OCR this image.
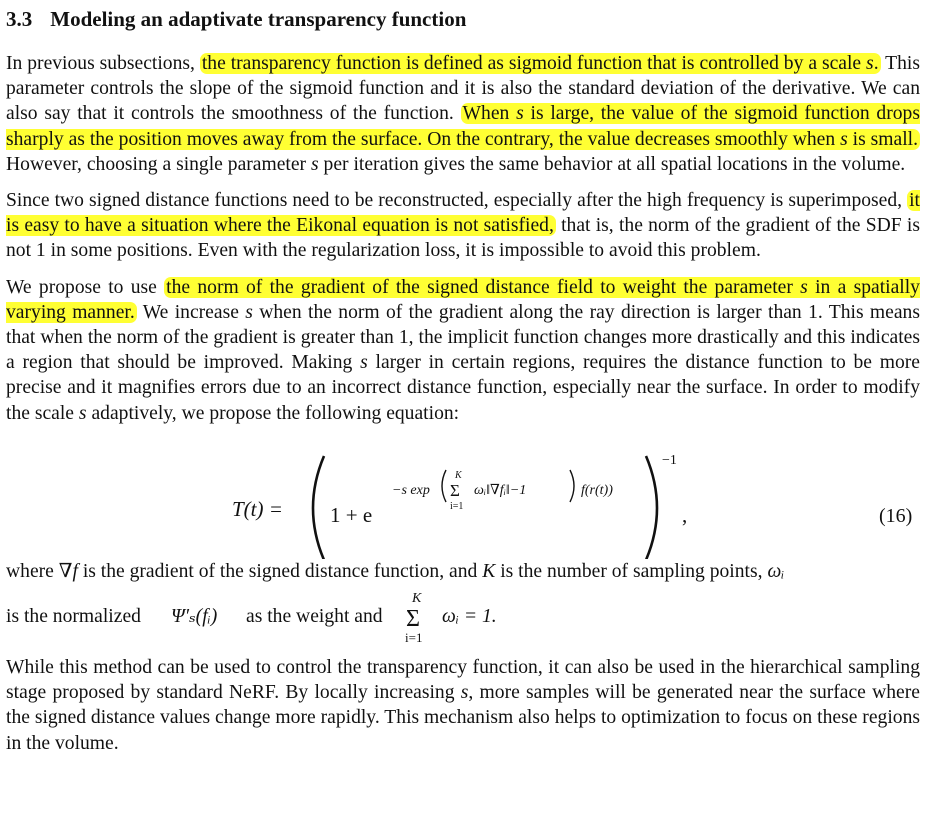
3.3 Modeling an adaptivate transparency function

In previous subsections, the transparency function is defined as sigmoid function that is controlled by a scale s. This parameter controls the slope of the sigmoid function and it is also the standard deviation of the derivative. We can also say that it controls the smoothness of the function. When s is large, the value of the sigmoid function drops sharply as the position moves away from the surface. On the contrary, the value decreases smoothly when s is small. However, choosing a single parameter s per iteration gives the same behavior at all spatial locations in the volume.

Since two signed distance functions need to be reconstructed, especially after the high frequency is superimposed, it is easy to have a situation where the Eikonal equation is not satisfied, that is, the norm of the gradient of the SDF is not 1 in some positions. Even with the regularization loss, it is impossible to avoid this problem.

We propose to use the norm of the gradient of the signed distance field to weight the parameter s in a spatially varying manner. We increase s when the norm of the gradient along the ray direction is larger than 1. This means that when the norm of the gradient is greater than 1, the implicit function changes more drastically and this indicates a region that should be improved. Making s larger in certain regions, requires the distance function to be more precise and it magnifies errors due to an incorrect distance function, especially near the surface. In order to modify the scale s adaptively, we propose the following equation:

T(t) = 1 + e
−s exp
K
Σ
i=1
ωᵢ‖∇fᵢ‖−1	f(r(t))
−1
,	(16)

where ∇f is the gradient of the signed distance function, and K is the number of sampling points, ωᵢ

is the normalized Ψ′ₛ(fᵢ) as the weight and
K
Σ
i=1
ωᵢ = 1.

While this method can be used to control the transparency function, it can also be used in the hierarchical sampling stage proposed by standard NeRF. By locally increasing s, more samples will be generated near the surface where the signed distance values change more rapidly. This mechanism also helps to optimization to focus on these regions in the volume.
